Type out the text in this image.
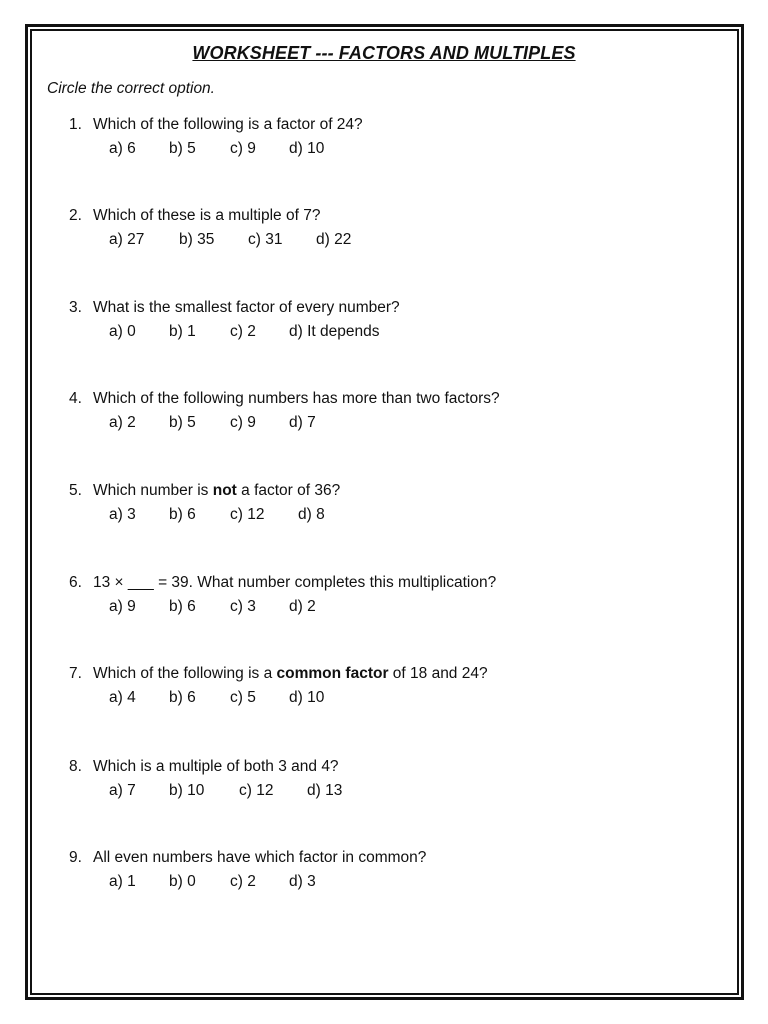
WORKSHEET --- FACTORS AND MULTIPLES
Circle the correct option.
1. Which of the following is a factor of 24?
a) 6 b) 5 c) 9 d) 10
2. Which of these is a multiple of 7?
a) 27 b) 35 c) 31 d) 22
3. What is the smallest factor of every number?
a) 0 b) 1 c) 2 d) It depends
4. Which of the following numbers has more than two factors?
a) 2 b) 5 c) 9 d) 7
5. Which number is not a factor of 36?
a) 3 b) 6 c) 12 d) 8
6. 13 × ___ = 39. What number completes this multiplication?
a) 9 b) 6 c) 3 d) 2
7. Which of the following is a common factor of 18 and 24?
a) 4 b) 6 c) 5 d) 10
8. Which is a multiple of both 3 and 4?
a) 7 b) 10 c) 12 d) 13
9. All even numbers have which factor in common?
a) 1 b) 0 c) 2 d) 3
